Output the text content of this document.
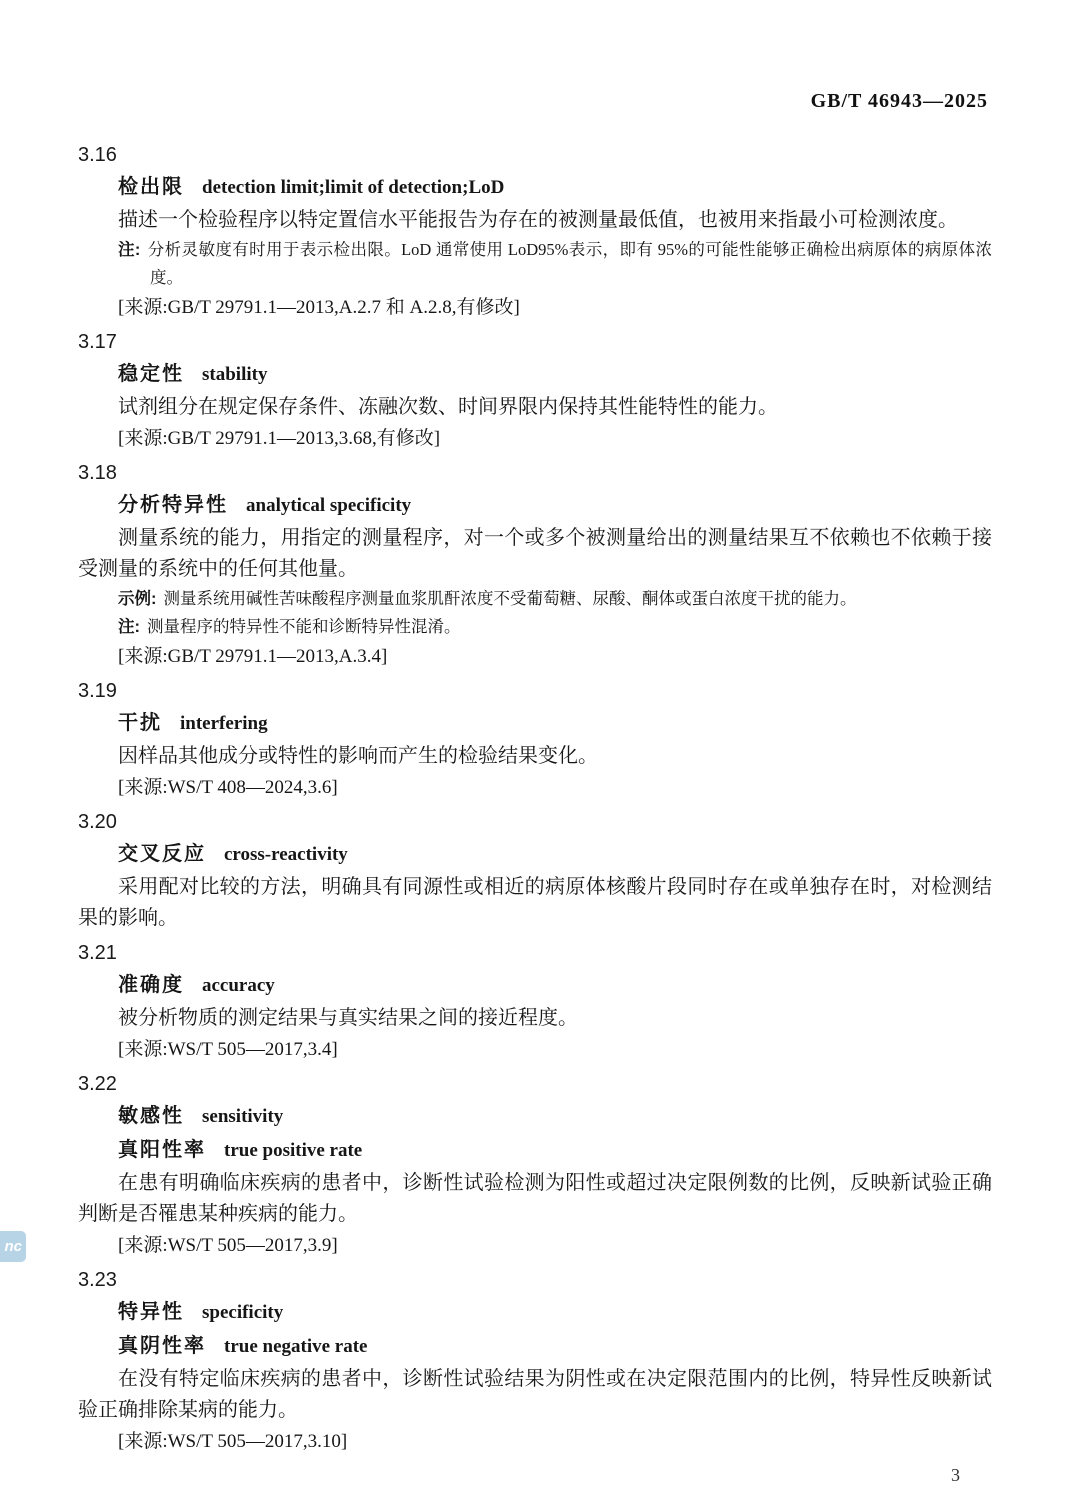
GB/T 46943—2025
nc
3.16
检出限 detection limit;limit of detection;LoD

描述一个检验程序以特定置信水平能报告为存在的被测量最低值，也被用来指最小可检测浓度。

注: 分析灵敏度有时用于表示检出限。LoD 通常使用 LoD95%表示，即有 95%的可能性能够正确检出病原体的病原体浓度。

[来源:GB/T 29791.1—2013,A.2.7 和 A.2.8,有修改]

3.17
稳定性 stability

试剂组分在规定保存条件、冻融次数、时间界限内保持其性能特性的能力。

[来源:GB/T 29791.1—2013,3.68,有修改]

3.18
分析特异性 analytical specificity

测量系统的能力，用指定的测量程序，对一个或多个被测量给出的测量结果互不依赖也不依赖于接受测量的系统中的任何其他量。

示例: 测量系统用碱性苦味酸程序测量血浆肌酐浓度不受葡萄糖、尿酸、酮体或蛋白浓度干扰的能力。

注: 测量程序的特异性不能和诊断特异性混淆。

[来源:GB/T 29791.1—2013,A.3.4]

3.19
干扰 interfering

因样品其他成分或特性的影响而产生的检验结果变化。

[来源:WS/T 408—2024,3.6]

3.20
交叉反应 cross-reactivity

采用配对比较的方法，明确具有同源性或相近的病原体核酸片段同时存在或单独存在时，对检测结果的影响。

3.21
准确度 accuracy

被分析物质的测定结果与真实结果之间的接近程度。

[来源:WS/T 505—2017,3.4]

3.22
敏感性 sensitivity
真阳性率 true positive rate

在患有明确临床疾病的患者中，诊断性试验检测为阳性或超过决定限例数的比例，反映新试验正确判断是否罹患某种疾病的能力。

[来源:WS/T 505—2017,3.9]

3.23
特异性 specificity
真阴性率 true negative rate

在没有特定临床疾病的患者中，诊断性试验结果为阴性或在决定限范围内的比例，特异性反映新试验正确排除某病的能力。

[来源:WS/T 505—2017,3.10]

3
